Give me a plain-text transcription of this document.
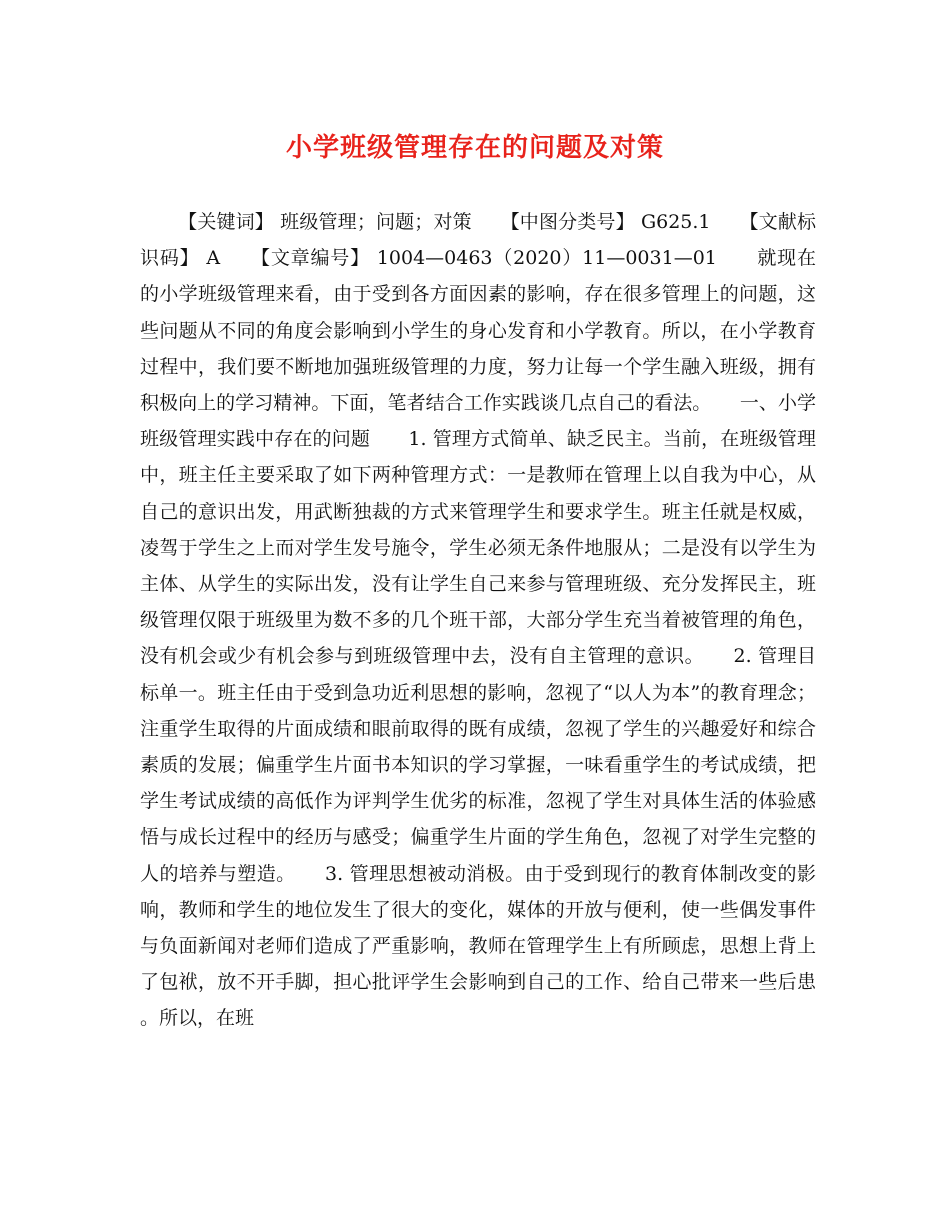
小学班级管理存在的问题及对策

【关键词】 班级管理；问题；对策　　【中图分类号】 G625.1　　【文献标识码】 A　　【文章编号】 1004—0463（2020）11—0031—01　　就现在的小学班级管理来看，由于受到各方面因素的影响，存在很多管理上的问题，这些问题从不同的角度会影响到小学生的身心发育和小学教育。所以，在小学教育过程中，我们要不断地加强班级管理的力度，努力让每一个学生融入班级，拥有积极向上的学习精神。下面，笔者结合工作实践谈几点自己的看法。　　一、小学班级管理实践中存在的问题　　1. 管理方式简单、缺乏民主。当前，在班级管理中，班主任主要采取了如下两种管理方式：一是教师在管理上以自我为中心，从自己的意识出发，用武断独裁的方式来管理学生和要求学生。班主任就是权威，凌驾于学生之上而对学生发号施令，学生必须无条件地服从；二是没有以学生为主体、从学生的实际出发，没有让学生自己来参与管理班级、充分发挥民主，班级管理仅限于班级里为数不多的几个班干部，大部分学生充当着被管理的角色，没有机会或少有机会参与到班级管理中去，没有自主管理的意识。　　2. 管理目标单一。班主任由于受到急功近利思想的影响，忽视了“以人为本”的教育理念；注重学生取得的片面成绩和眼前取得的既有成绩，忽视了学生的兴趣爱好和综合素质的发展；偏重学生片面书本知识的学习掌握，一味看重学生的考试成绩，把学生考试成绩的高低作为评判学生优劣的标准，忽视了学生对具体生活的体验感悟与成长过程中的经历与感受；偏重学生片面的学生角色，忽视了对学生完整的人的培养与塑造。　　3. 管理思想被动消极。由于受到现行的教育体制改变的影响，教师和学生的地位发生了很大的变化，媒体的开放与便利，使一些偶发事件与负面新闻对老师们造成了严重影响，教师在管理学生上有所顾虑，思想上背上了包袱，放不开手脚，担心批评学生会影响到自己的工作、给自己带来一些后患。所以，在班
